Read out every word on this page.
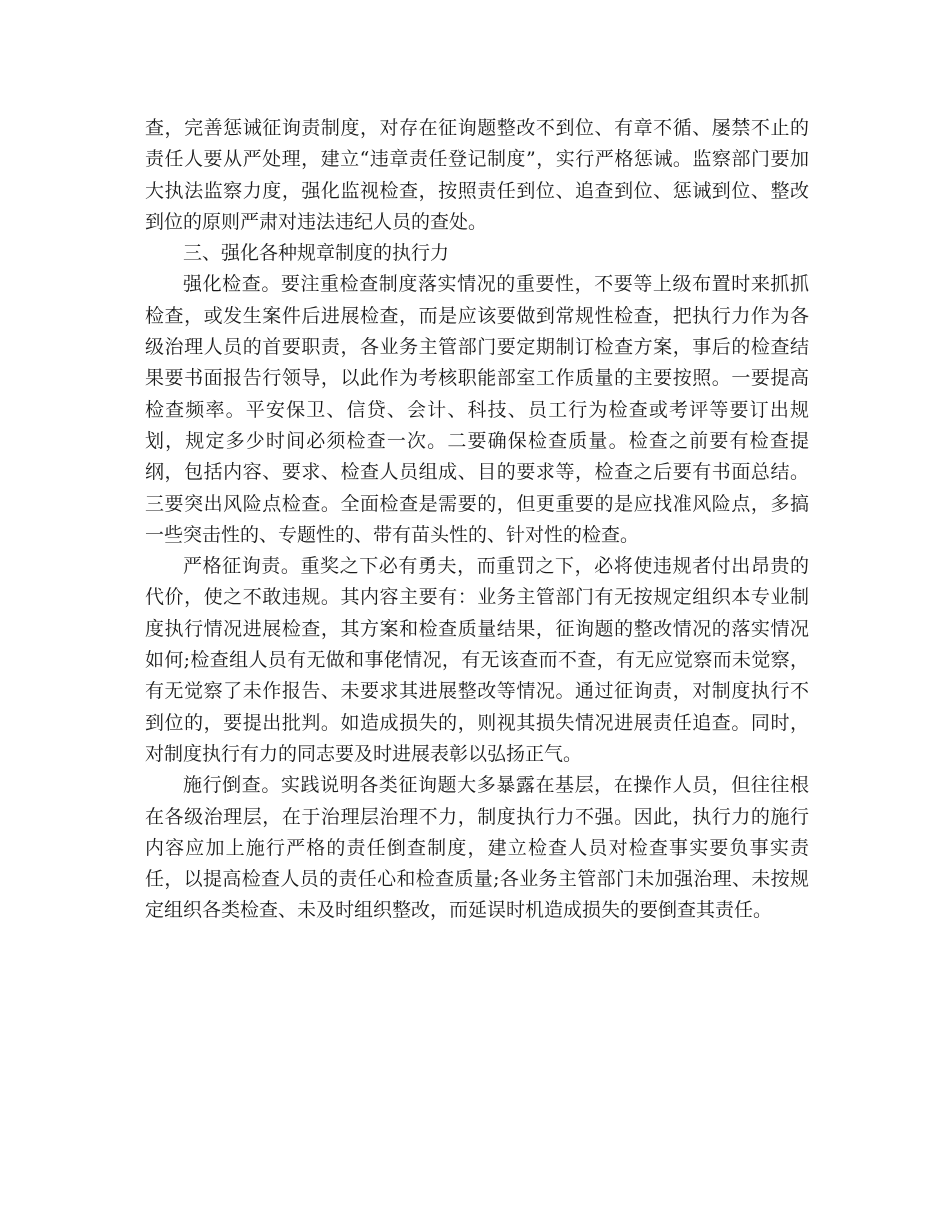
查，完善惩诫征询责制度，对存在征询题整改不到位、有章不循、屡禁不止的责任人要从严处理，建立“违章责任登记制度”，实行严格惩诫。监察部门要加大执法监察力度，强化监视检查，按照责任到位、追查到位、惩诫到位、整改到位的原则严肃对违法违纪人员的查处。

三、强化各种规章制度的执行力

强化检查。要注重检查制度落实情况的重要性，不要等上级布置时来抓抓检查，或发生案件后进展检查，而是应该要做到常规性检查，把执行力作为各级治理人员的首要职责，各业务主管部门要定期制订检查方案，事后的检查结果要书面报告行领导，以此作为考核职能部室工作质量的主要按照。一要提高检查频率。平安保卫、信贷、会计、科技、员工行为检查或考评等要订出规划，规定多少时间必须检查一次。二要确保检查质量。检查之前要有检查提纲，包括内容、要求、检查人员组成、目的要求等，检查之后要有书面总结。三要突出风险点检查。全面检查是需要的，但更重要的是应找准风险点，多搞一些突击性的、专题性的、带有苗头性的、针对性的检查。

严格征询责。重奖之下必有勇夫，而重罚之下，必将使违规者付出昂贵的代价，使之不敢违规。其内容主要有：业务主管部门有无按规定组织本专业制度执行情况进展检查，其方案和检查质量结果，征询题的整改情况的落实情况如何;检查组人员有无做和事佬情况，有无该查而不查，有无应觉察而未觉察，有无觉察了未作报告、未要求其进展整改等情况。通过征询责，对制度执行不到位的，要提出批判。如造成损失的，则视其损失情况进展责任追查。同时，对制度执行有力的同志要及时进展表彰以弘扬正气。

施行倒查。实践说明各类征询题大多暴露在基层，在操作人员，但往往根在各级治理层，在于治理层治理不力，制度执行力不强。因此，执行力的施行内容应加上施行严格的责任倒查制度，建立检查人员对检查事实要负事实责任，以提高检查人员的责任心和检查质量;各业务主管部门未加强治理、未按规定组织各类检查、未及时组织整改，而延误时机造成损失的要倒查其责任。
